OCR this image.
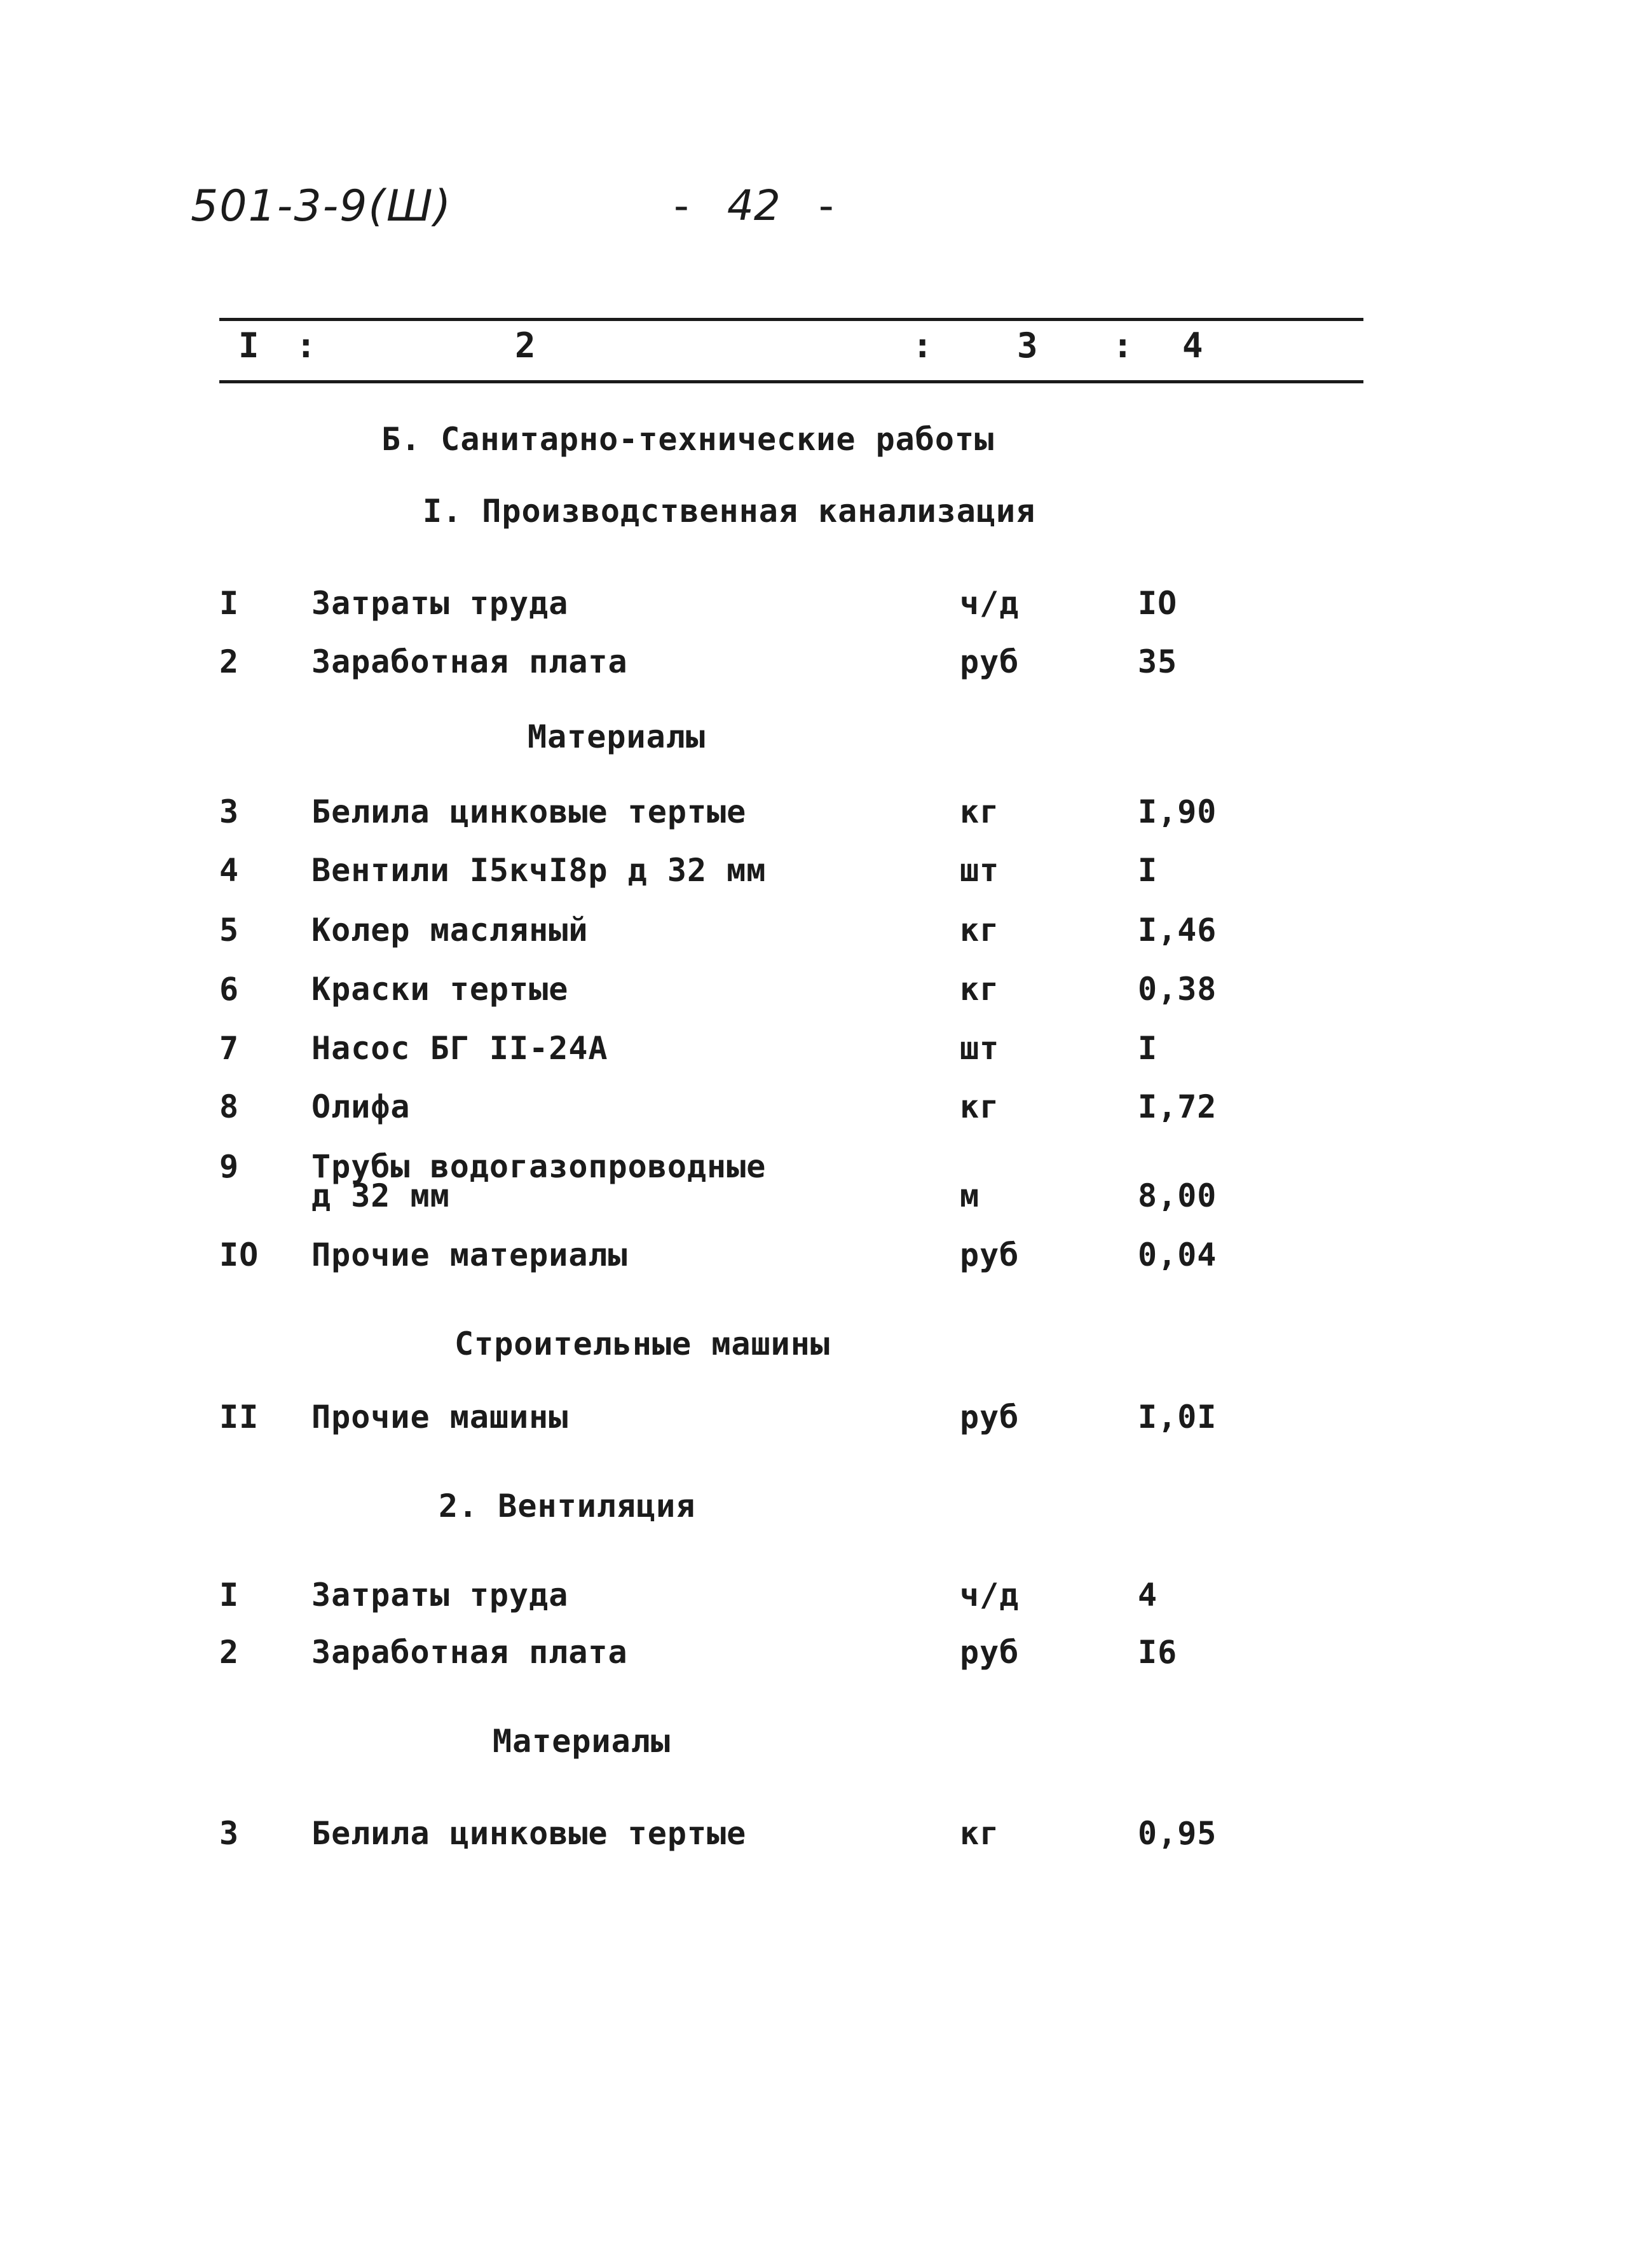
501-3-9(Ш)	-42 -
I :	2	: 3 : 4
Б. Санитарно-технические работы
I. Производственная канализация
I Затраты труда	ч/д	IO
2 Заработная плата	руб	35
Материалы
3 Белила цинковые тертые	кг	I,90
4 Вентили I5кчI8р д 32 мм	шт	I
5 Колер масляный	кг	I,46
6 Краски тертые	кг	0,38
7 Насос БГ II-24А	шт	I
8 Олифа	кг	I,72
9 Трубы водогазопроводные
д 32 мм	м	8,00
IO Прочие материалы	руб	0,04
Строительные машины
II Прочие машины	руб	I,0I
2. Вентиляция
I Затраты труда	ч/д	4
2 Заработная плата	руб	I6
Материалы
3 Белила цинковые тертые	кг	0,95
